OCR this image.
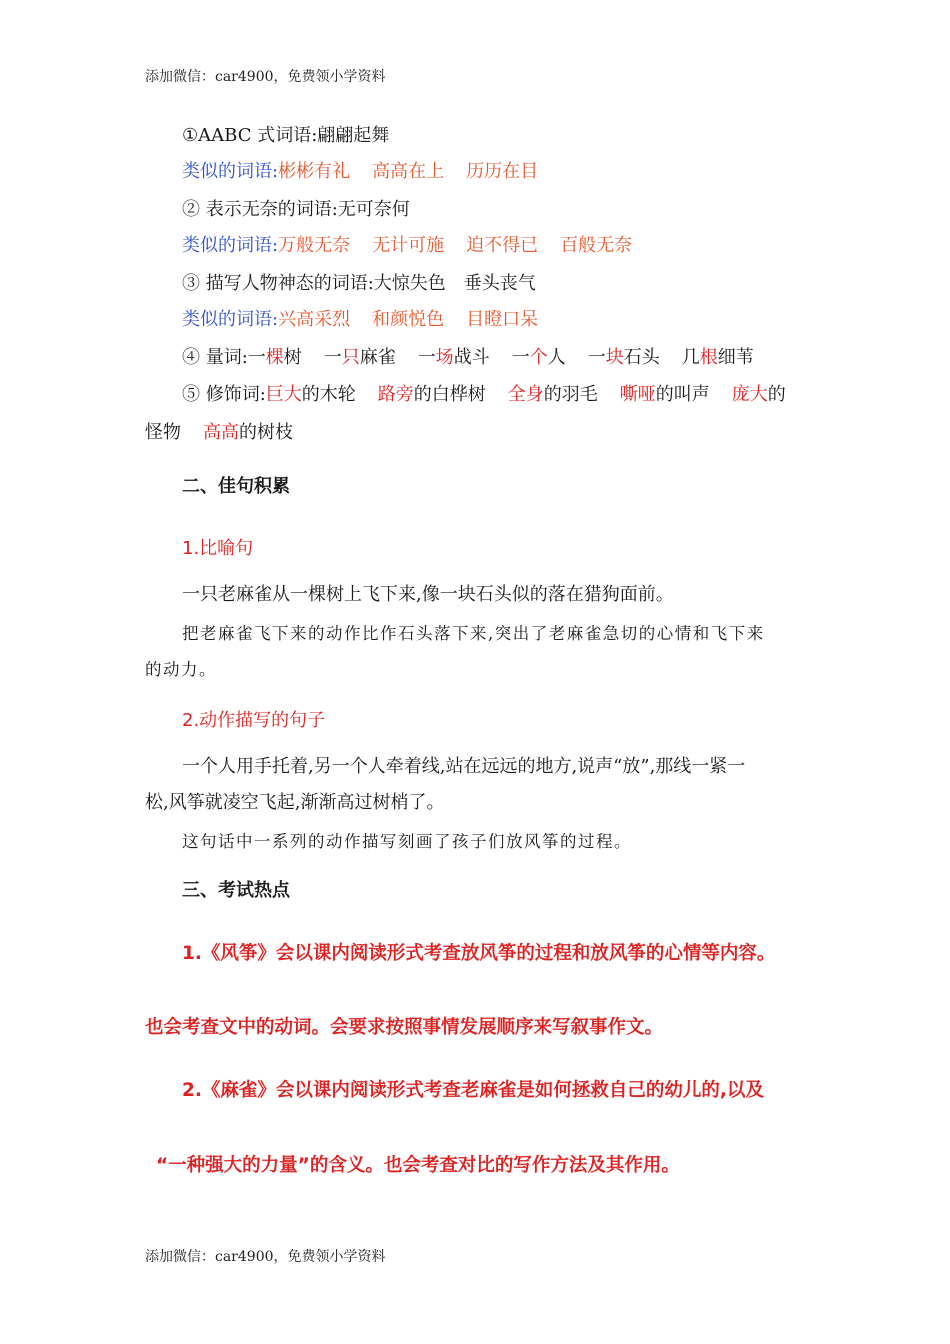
添加微信：car4900，免费领小学资料
①AABC 式词语:翩翩起舞
类似的词语:彬彬有礼 高高在上 历历在目
② 表示无奈的词语:无可奈何
类似的词语:万般无奈 无计可施 迫不得已 百般无奈
③ 描写人物神态的词语:大惊失色　垂头丧气
类似的词语:兴高采烈 和颜悦色 目瞪口呆
④ 量词:一棵树 一只麻雀 一场战斗 一个人 一块石头 几根细苇
⑤ 修饰词:巨大的木轮 路旁的白桦树 全身的羽毛 嘶哑的叫声 庞大的
怪物 高高的树枝
二、佳句积累
1.比喻句
一只老麻雀从一棵树上飞下来,像一块石头似的落在猎狗面前。
把老麻雀飞下来的动作比作石头落下来,突出了老麻雀急切的心情和飞下来
的动力。
2.动作描写的句子
一个人用手托着,另一个人牵着线,站在远远的地方,说声“放”,那线一紧一
松,风筝就凌空飞起,渐渐高过树梢了。
这句话中一系列的动作描写刻画了孩子们放风筝的过程。
三、考试热点
1.《风筝》会以课内阅读形式考查放风筝的过程和放风筝的心情等内容。
也会考查文中的动词。会要求按照事情发展顺序来写叙事作文。
2.《麻雀》会以课内阅读形式考查老麻雀是如何拯救自己的幼儿的,以及
“一种强大的力量”的含义。也会考查对比的写作方法及其作用。
添加微信：car4900，免费领小学资料
